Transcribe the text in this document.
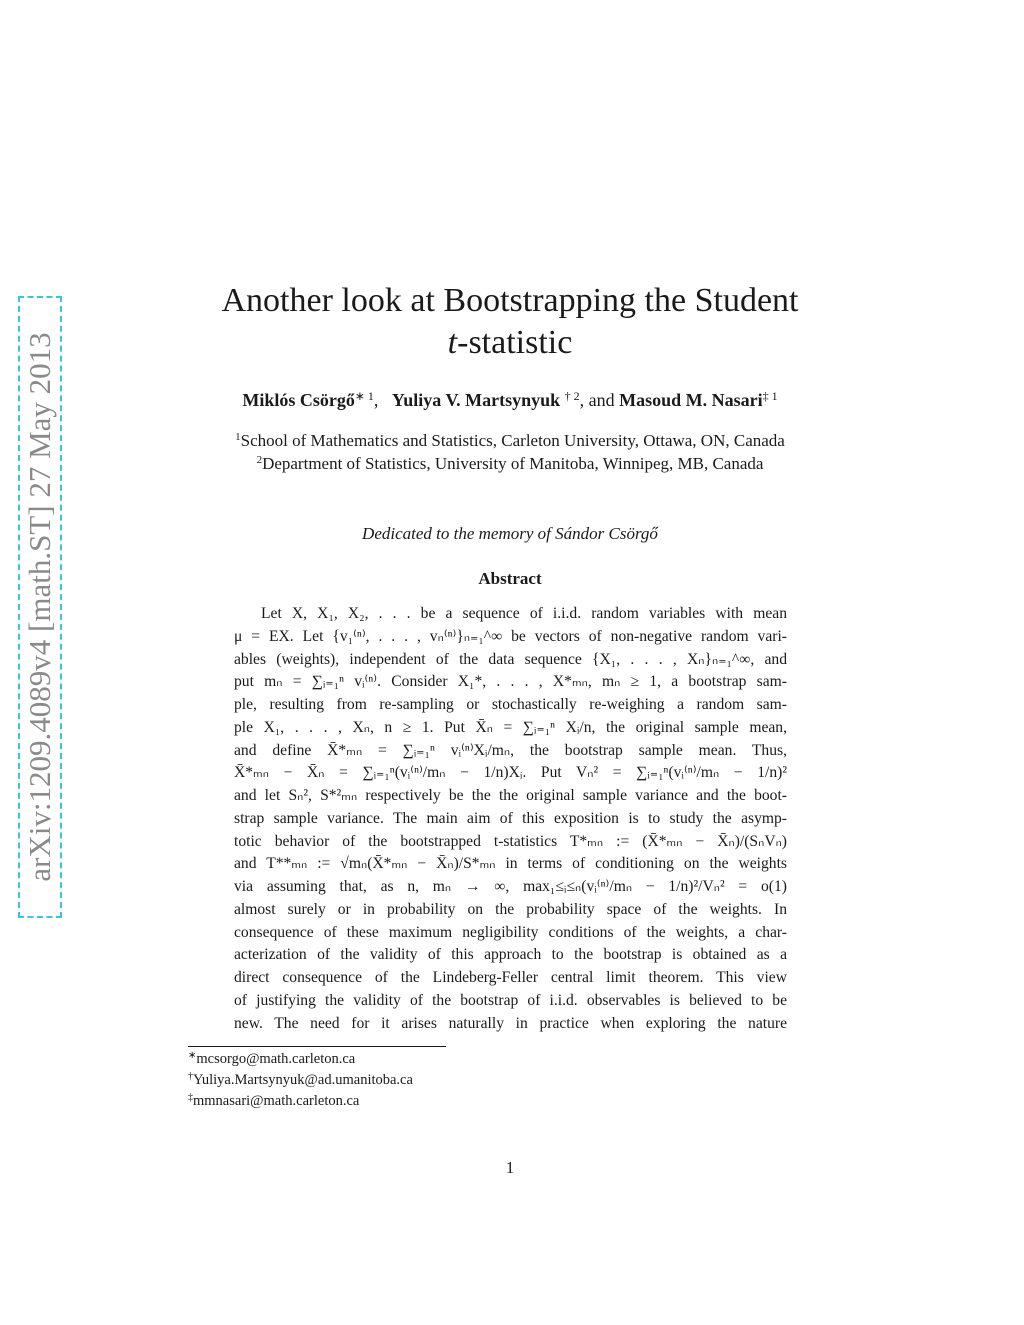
arXiv:1209.4089v4 [math.ST] 27 May 2013
Another look at Bootstrapping the Student
t-statistic
Miklós Csörgő$^{∗ 1}$,   Yuliya V. Martsynyuk $^{\dagger 2}$, and Masoud M. Nasari$^{\ddagger 1}$
$^1$School of Mathematics and Statistics, Carleton University, Ottawa, ON, Canada
$^2$Department of Statistics, University of Manitoba, Winnipeg, MB, Canada
Dedicated to the memory of Sándor Csörgő
Abstract
Let X, X₁, X₂, . . . be a sequence of i.i.d. random variables with mean
μ = EX. Let {v₁⁽ⁿ⁾, . . . , vₙ⁽ⁿ⁾}ₙ₌₁^∞ be vectors of non-negative random vari-
ables (weights), independent of the data sequence {X₁, . . . , Xₙ}ₙ₌₁^∞, and
put mₙ = ∑ᵢ₌₁ⁿ vᵢ⁽ⁿ⁾. Consider X₁*, . . . , X*ₘₙ, mₙ ≥ 1, a bootstrap sam-
ple, resulting from re-sampling or stochastically re-weighing a random sam-
ple X₁, . . . , Xₙ, n ≥ 1. Put X̄ₙ = ∑ᵢ₌₁ⁿ Xᵢ/n, the original sample mean,
and define X̄*ₘₙ = ∑ᵢ₌₁ⁿ vᵢ⁽ⁿ⁾Xᵢ/mₙ, the bootstrap sample mean. Thus,
X̄*ₘₙ − X̄ₙ = ∑ᵢ₌₁ⁿ(vᵢ⁽ⁿ⁾/mₙ − 1/n)Xᵢ. Put Vₙ² = ∑ᵢ₌₁ⁿ(vᵢ⁽ⁿ⁾/mₙ − 1/n)²
and let Sₙ², S*²ₘₙ respectively be the the original sample variance and the boot-
strap sample variance. The main aim of this exposition is to study the asymp-
totic behavior of the bootstrapped t-statistics T*ₘₙ := (X̄*ₘₙ − X̄ₙ)/(SₙVₙ)
and T**ₘₙ := √mₙ(X̄*ₘₙ − X̄ₙ)/S*ₘₙ in terms of conditioning on the weights
via assuming that, as n, mₙ → ∞, max₁≤ᵢ≤ₙ(vᵢ⁽ⁿ⁾/mₙ − 1/n)²/Vₙ² = o(1)
almost surely or in probability on the probability space of the weights. In
consequence of these maximum negligibility conditions of the weights, a char-
acterization of the validity of this approach to the bootstrap is obtained as a
direct consequence of the Lindeberg-Feller central limit theorem. This view
of justifying the validity of the bootstrap of i.i.d. observables is believed to be
new. The need for it arises naturally in practice when exploring the nature
∗mcsorgo@math.carleton.ca
†Yuliya.Martsynyuk@ad.umanitoba.ca
‡mmnasari@math.carleton.ca
1
